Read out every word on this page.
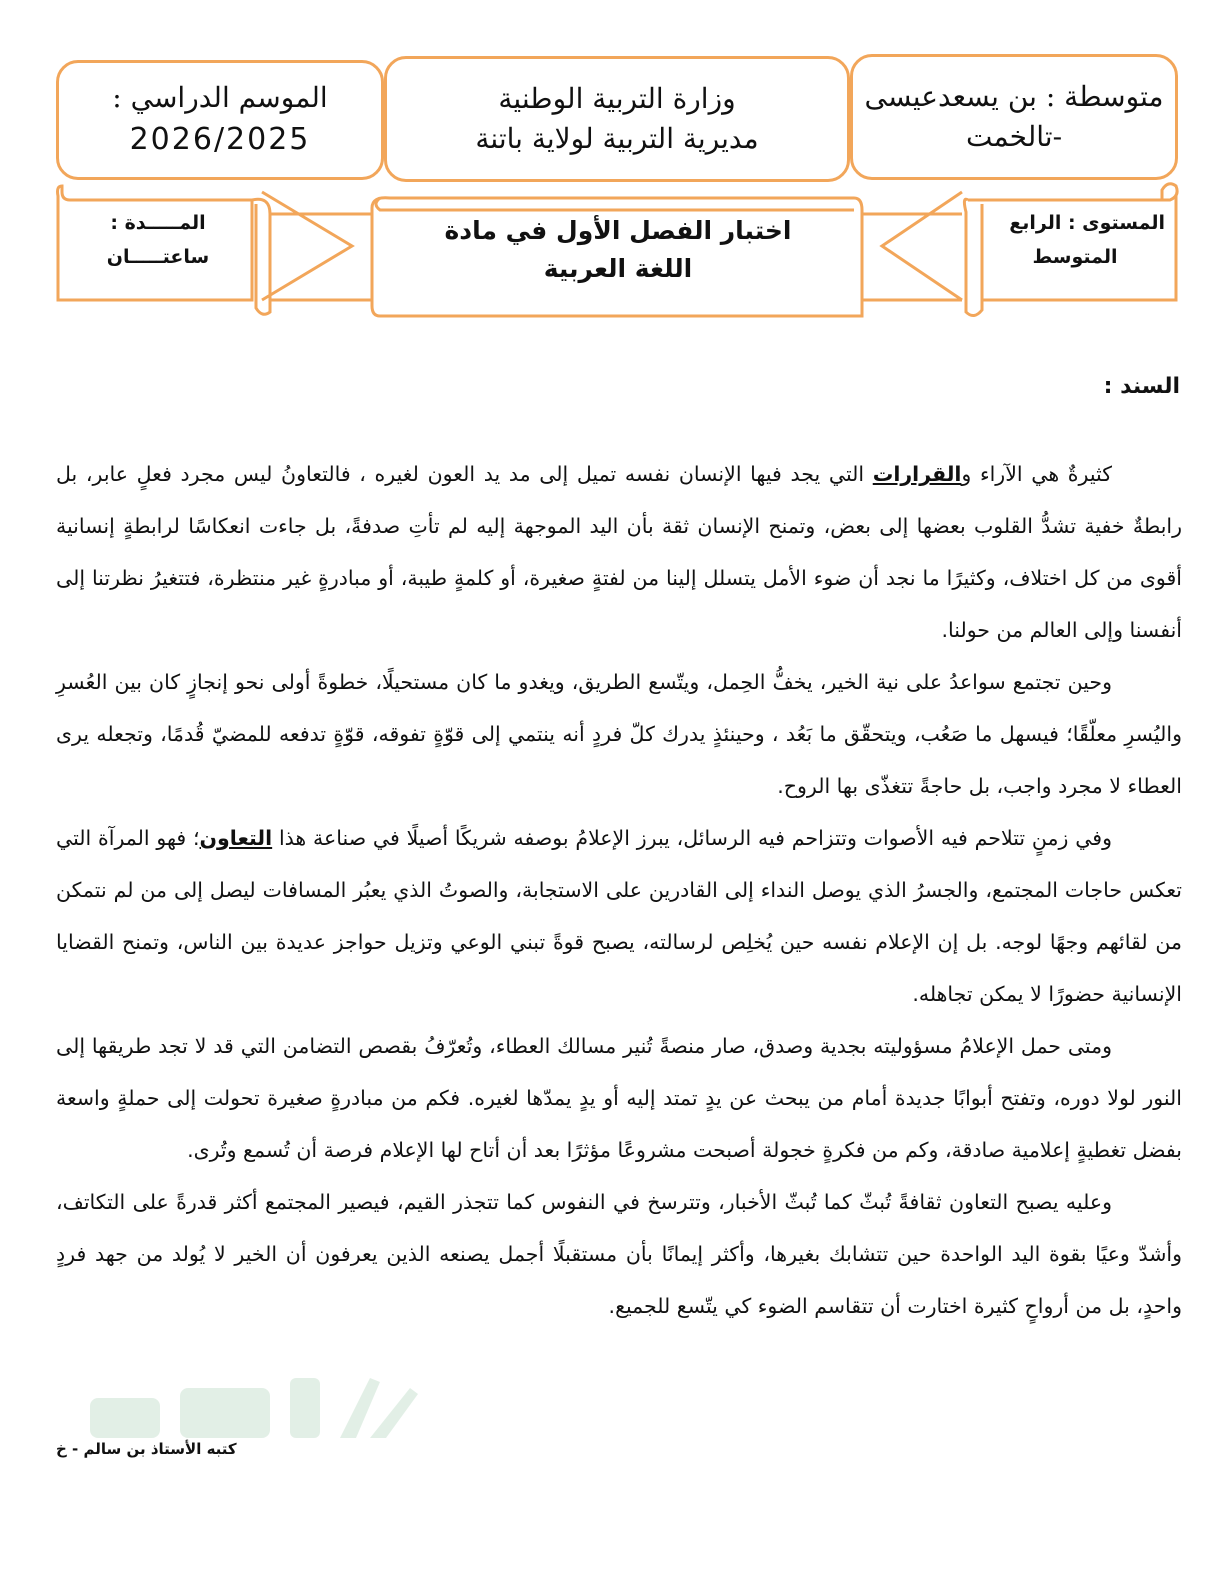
الموسم الدراسي :
2026/2025
وزارة التربية الوطنية
مديرية التربية لولاية باتنة
متوسطة : بن يسعدعيسى
-تالخمت
المستوى : الرابع
المتوسط
اختبار الفصل الأول في مادة
اللغة العربية
المـــــدة :
ساعتـــــان
السند :

كثيرةٌ هي الآراء والقرارات التي يجد فيها الإنسان نفسه تميل إلى مد يد العون لغيره ، فالتعاونُ ليس مجرد فعلٍ عابر، بل رابطةٌ خفية تشدُّ القلوب بعضها إلى بعض، وتمنح الإنسان ثقة بأن اليد الموجهة إليه لم تأتِ صدفةً، بل جاءت انعكاسًا لرابطةٍ إنسانية أقوى من كل اختلاف، وكثيرًا ما نجد أن ضوء الأمل يتسلل إلينا من لفتةٍ صغيرة، أو كلمةٍ طيبة، أو مبادرةٍ غير منتظرة، فتتغيرُ نظرتنا إلى أنفسنا وإلى العالم من حولنا.

وحين تجتمع سواعدُ على نية الخير، يخفُّ الحِمل، ويتّسع الطريق، ويغدو ما كان مستحيلًا، خطوةً أولى نحو إنجازٍ كان بين العُسرِ واليُسرِ معلّقًا؛ فيسهل ما صَعُب، ويتحقّق ما بَعُد ، وحينئذٍ يدرك كلّ فردٍ أنه ينتمي إلى قوّةٍ تفوقه، قوّةٍ تدفعه للمضيّ قُدمًا، وتجعله يرى العطاء لا مجرد واجب، بل حاجةً تتغذّى بها الروح.

وفي زمنٍ تتلاحم فيه الأصوات وتتزاحم فيه الرسائل، يبرز الإعلامُ بوصفه شريكًا أصيلًا في صناعة هذا التعاون؛ فهو المرآة التي تعكس حاجات المجتمع، والجسرُ الذي يوصل النداء إلى القادرين على الاستجابة، والصوتُ الذي يعبُر المسافات ليصل إلى من لم نتمكن من لقائهم وجهًا لوجه. بل إن الإعلام نفسه حين يُخلِص لرسالته، يصبح قوةً تبني الوعي وتزيل حواجز عديدة بين الناس، وتمنح القضايا الإنسانية حضورًا لا يمكن تجاهله.

ومتى حمل الإعلامُ مسؤوليته بجدية وصدق، صار منصةً تُنير مسالك العطاء، وتُعرّفُ بقصص التضامن التي قد لا تجد طريقها إلى النور لولا دوره، وتفتح أبوابًا جديدة أمام من يبحث عن يدٍ تمتد إليه أو يدٍ يمدّها لغيره. فكم من مبادرةٍ صغيرة تحولت إلى حملةٍ واسعة بفضل تغطيةٍ إعلامية صادقة، وكم من فكرةٍ خجولة أصبحت مشروعًا مؤثرًا بعد أن أتاح لها الإعلام فرصة أن تُسمع وتُرى.

وعليه يصبح التعاون ثقافةً تُبثّ كما تُبثّ الأخبار، وتترسخ في النفوس كما تتجذر القيم، فيصير المجتمع أكثر قدرةً على التكاتف، وأشدّ وعيًا بقوة اليد الواحدة حين تتشابك بغيرها، وأكثر إيمانًا بأن مستقبلًا أجمل يصنعه الذين يعرفون أن الخير لا يُولد من جهد فردٍ واحدٍ، بل من أرواحٍ كثيرة اختارت أن تتقاسم الضوء كي يتّسع للجميع.

كتبه الأستاذ بن سالم - خ
